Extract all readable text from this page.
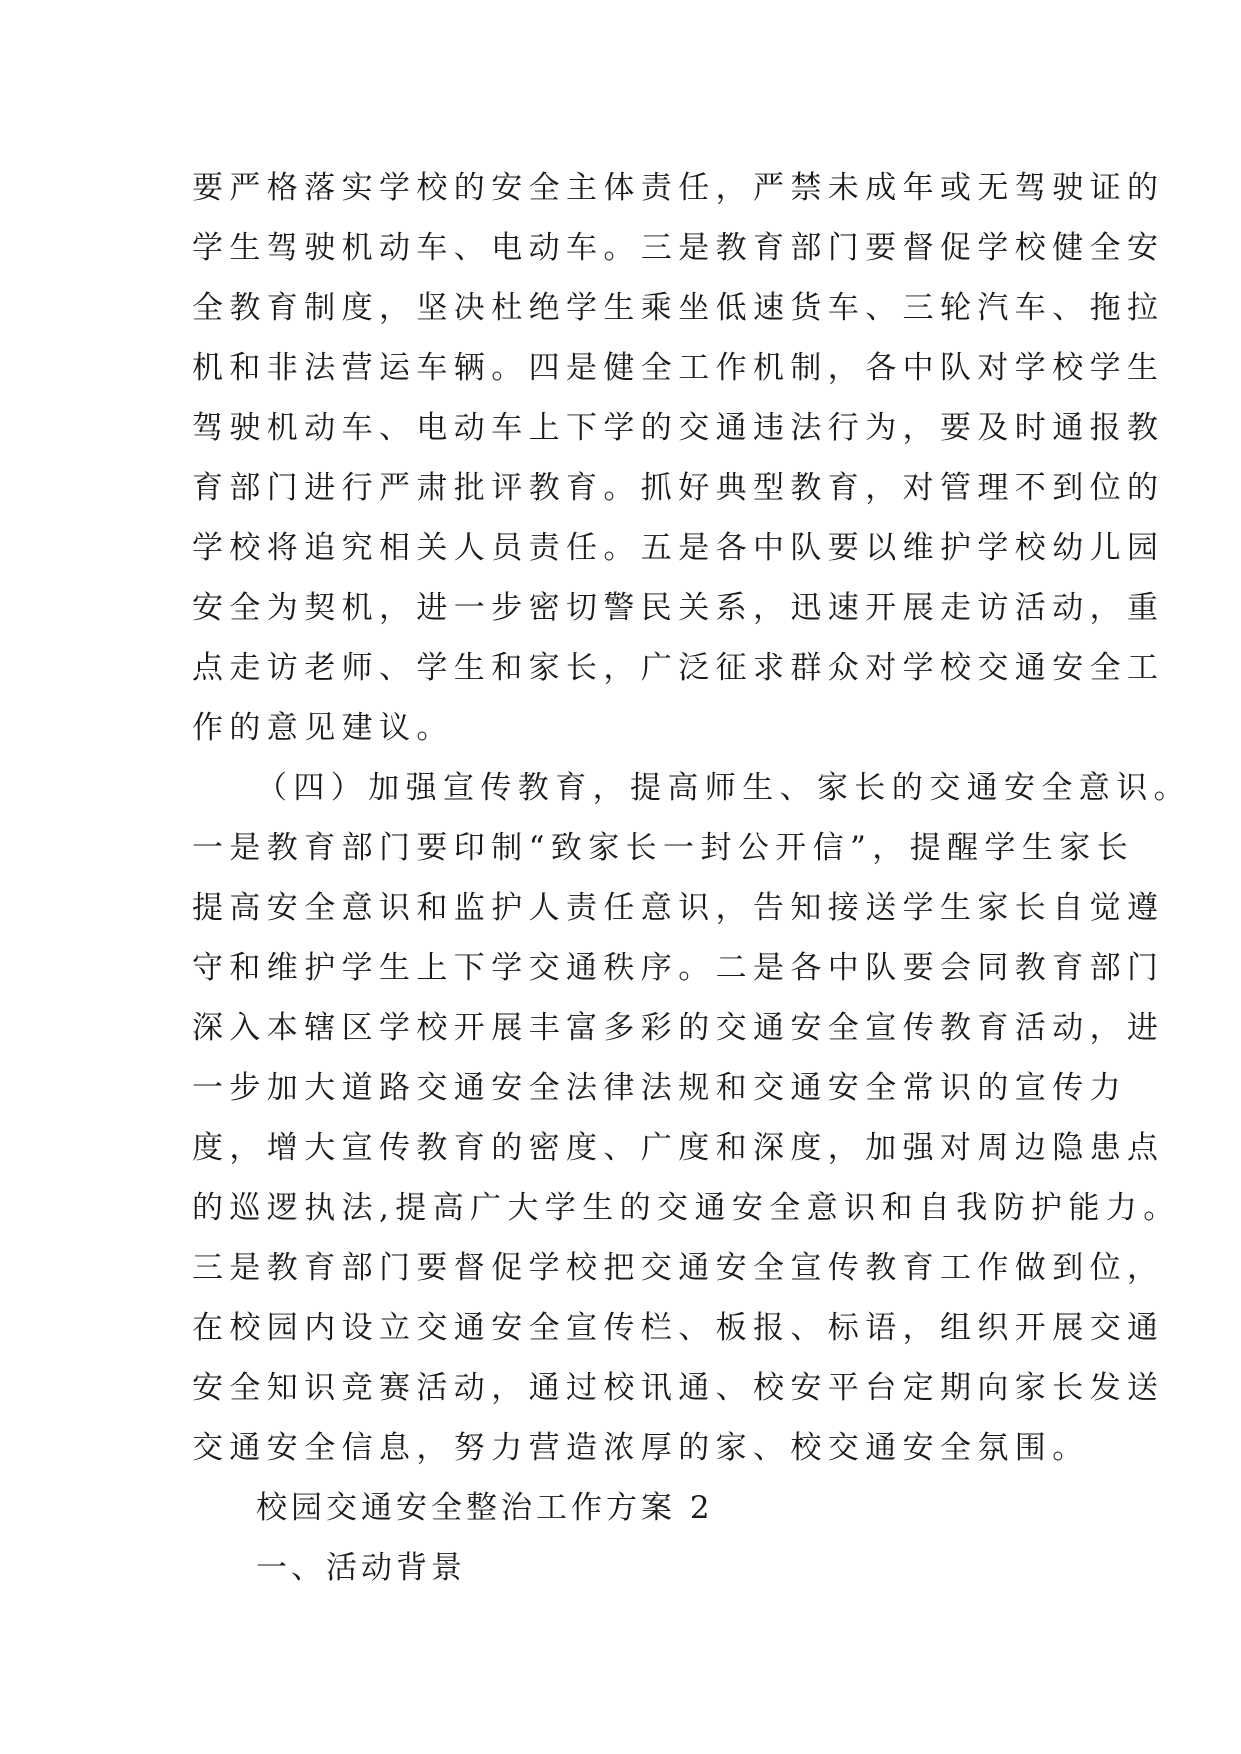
要严格落实学校的安全主体责任，严禁未成年或无驾驶证的
学生驾驶机动车、电动车。三是教育部门要督促学校健全安
全教育制度，坚决杜绝学生乘坐低速货车、三轮汽车、拖拉
机和非法营运车辆。四是健全工作机制，各中队对学校学生
驾驶机动车、电动车上下学的交通违法行为，要及时通报教
育部门进行严肃批评教育。抓好典型教育，对管理不到位的
学校将追究相关人员责任。五是各中队要以维护学校幼儿园
安全为契机，进一步密切警民关系，迅速开展走访活动，重
点走访老师、学生和家长，广泛征求群众对学校交通安全工
作的意见建议。
（四）加强宣传教育，提高师生、家长的交通安全意识。
一是教育部门要印制“致家长一封公开信”，提醒学生家长
提高安全意识和监护人责任意识，告知接送学生家长自觉遵
守和维护学生上下学交通秩序。二是各中队要会同教育部门
深入本辖区学校开展丰富多彩的交通安全宣传教育活动，进
一步加大道路交通安全法律法规和交通安全常识的宣传力
度，增大宣传教育的密度、广度和深度，加强对周边隐患点
的巡逻执法,提高广大学生的交通安全意识和自我防护能力。
三是教育部门要督促学校把交通安全宣传教育工作做到位，
在校园内设立交通安全宣传栏、板报、标语，组织开展交通
安全知识竞赛活动，通过校讯通、校安平台定期向家长发送
交通安全信息，努力营造浓厚的家、校交通安全氛围。
校园交通安全整治工作方案 2
一、活动背景
